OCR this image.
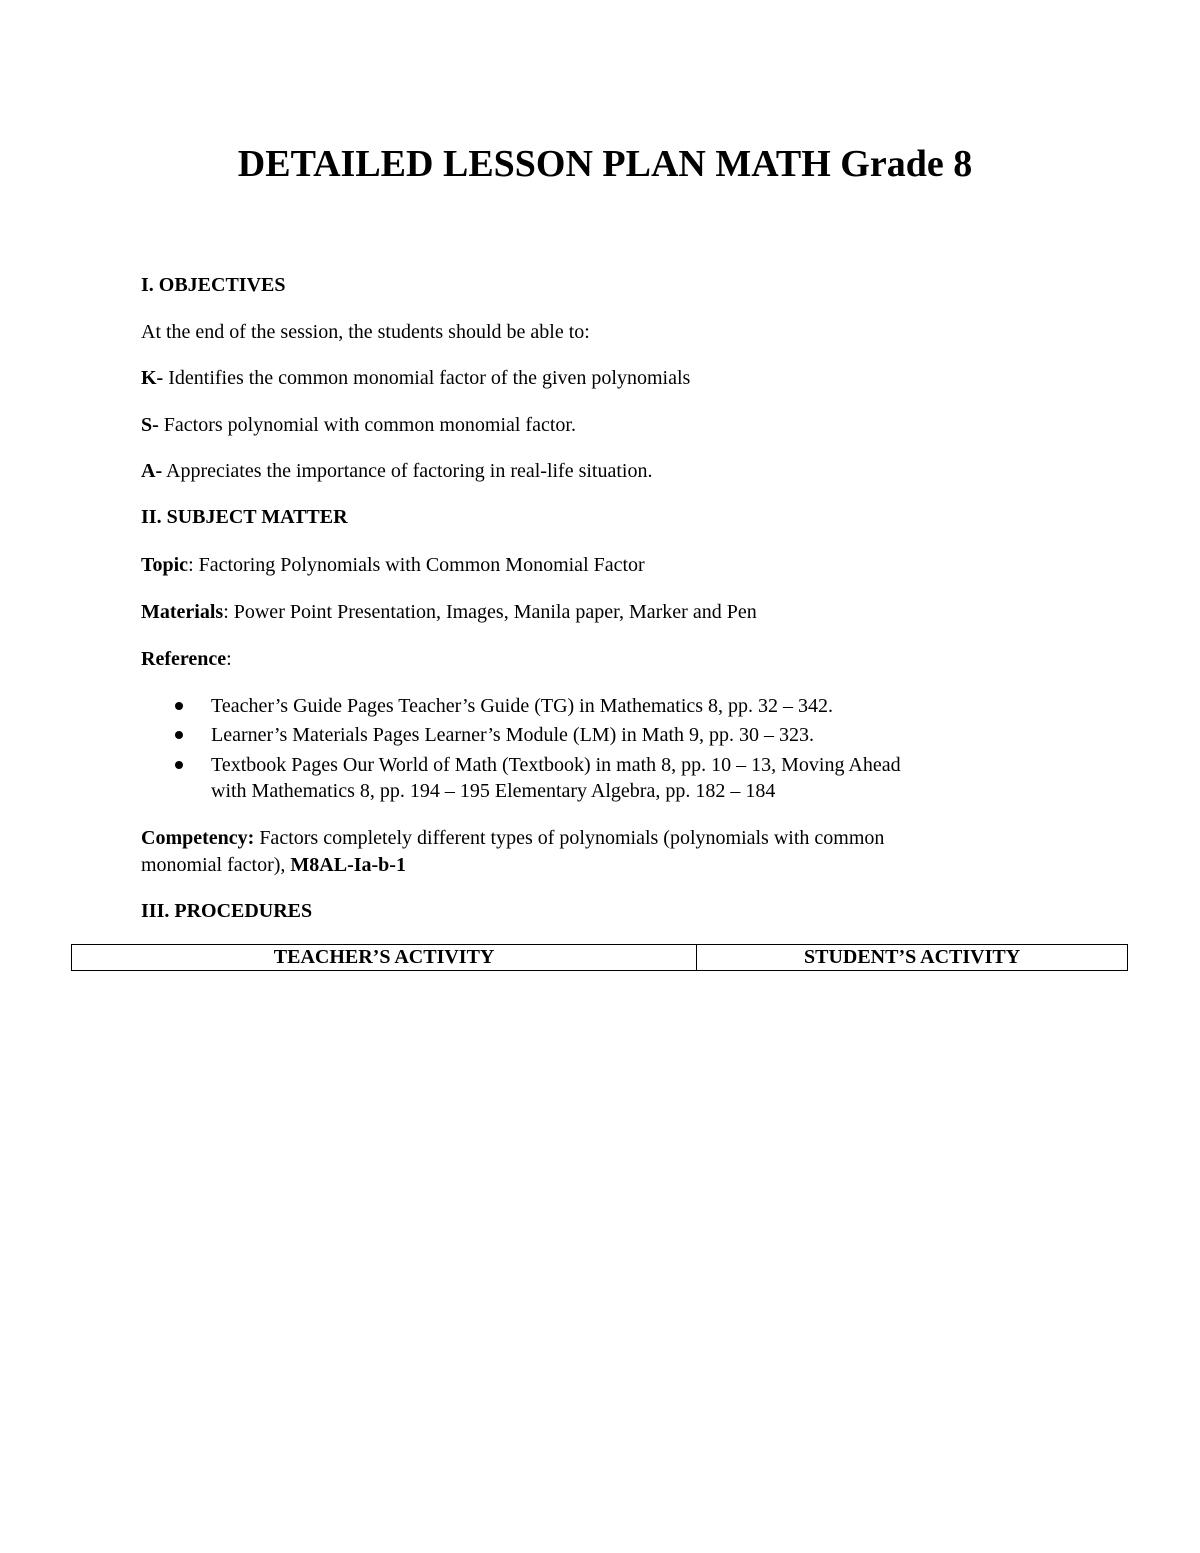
DETAILED LESSON PLAN MATH Grade 8
I. OBJECTIVES
At the end of the session, the students should be able to:
K- Identifies the common monomial factor of the given polynomials
S- Factors polynomial with common monomial factor.
A- Appreciates the importance of factoring in real-life situation.
II. SUBJECT MATTER
Topic: Factoring Polynomials with Common Monomial Factor
Materials: Power Point Presentation, Images, Manila paper, Marker and Pen
Reference:
Teacher’s Guide Pages Teacher’s Guide (TG) in Mathematics 8, pp. 32 – 342.
Learner’s Materials Pages Learner’s Module (LM) in Math 9, pp. 30 – 323.
Textbook Pages Our World of Math (Textbook) in math 8, pp. 10 – 13, Moving Ahead
with Mathematics 8, pp. 194 – 195 Elementary Algebra, pp. 182 – 184
Competency: Factors completely different types of polynomials (polynomials with common
monomial factor), M8AL-Ia-b-1
III. PROCEDURES
TEACHER’S ACTIVITY	STUDENT’S ACTIVITY
